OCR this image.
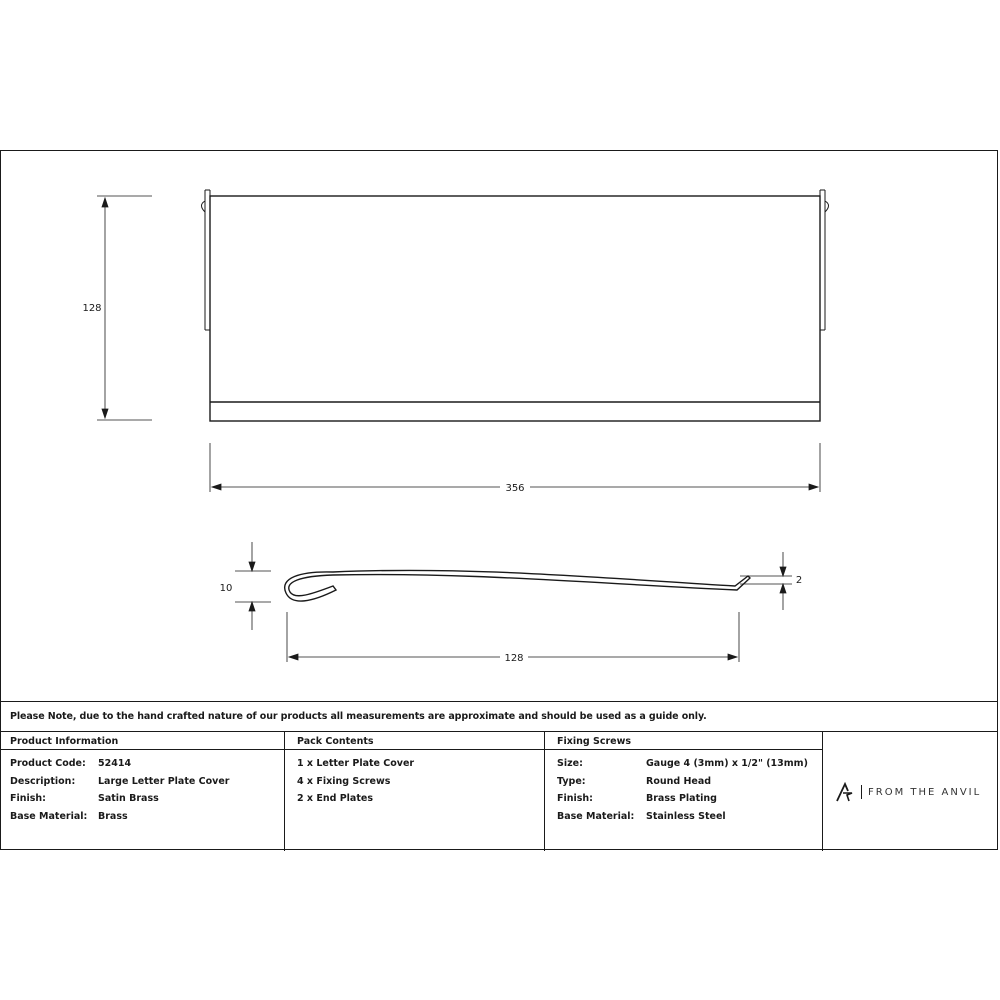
128
356
10
2
128
Please Note, due to the hand crafted nature of our products all measurements are approximate and should be used as a guide only.
Product Information
Product Code:	52414
Description:	Large Letter Plate Cover
Finish:	Satin Brass
Base Material:	Brass
Pack Contents
1 x Letter Plate Cover
4 x Fixing Screws
2 x End Plates
Fixing Screws
Size:	Gauge 4 (3mm) x 1/2" (13mm)
Type:	Round Head
Finish:	Brass Plating
Base Material:	Stainless Steel
FROM THE ANVIL
